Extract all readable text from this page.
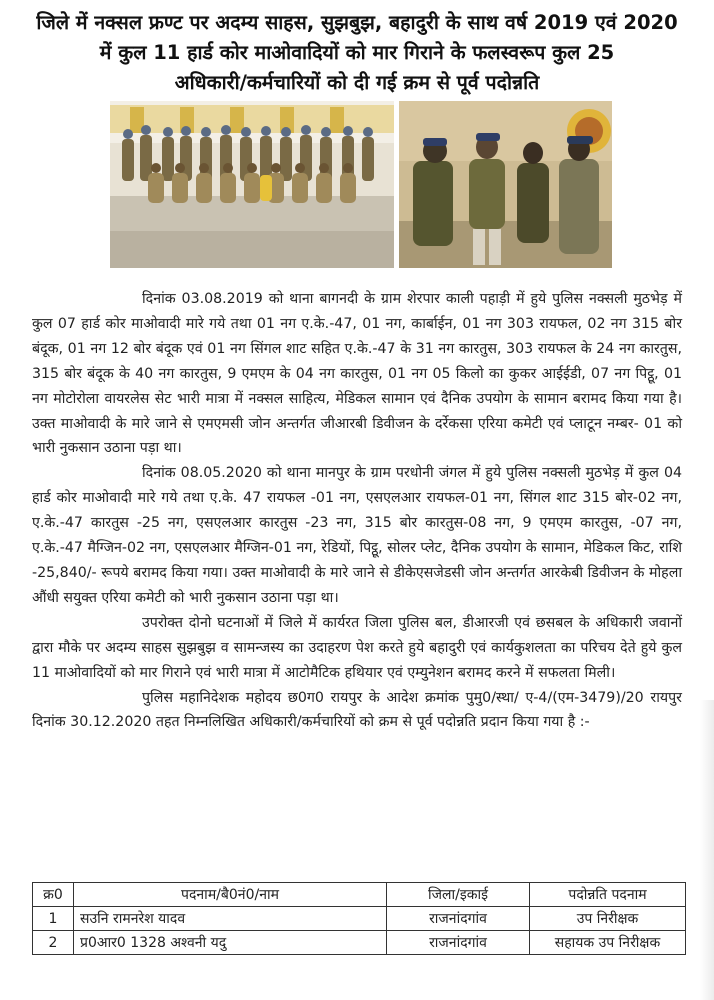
जिले में नक्सल फ्रण्ट पर अदम्य साहस, सुझबुझ, बहादुरी के साथ वर्ष 2019 एवं 2020
में कुल 11 हार्ड कोर माओवादियों को मार गिराने के फलस्वरूप कुल 25
अधिकारी/कर्मचारियों को दी गई क्रम से पूर्व पदोन्नति

दिनांक 03.08.2019 को थाना बागनदी के ग्राम शेरपार काली पहाड़ी में हुये पुलिस नक्सली मुठभेड़ में कुल 07 हार्ड कोर माओवादी मारे गये तथा 01 नग ए.के.-47, 01 नग, कार्बाईन, 01 नग 303 रायफल, 02 नग 315 बोर बंदूक, 01 नग 12 बोर बंदूक एवं 01 नग सिंगल शाट सहित ए.के.-47 के 31 नग कारतुस, 303 रायफल के 24 नग कारतुस, 315 बोर बंदूक के 40 नग कारतुस, 9 एमएम के 04 नग कारतुस, 01 नग 05 किलो का कुकर आईईडी, 07 नग पिट्ठू, 01 नग मोटोरोला वायरलेस सेट भारी मात्रा में नक्सल साहित्य, मेडिकल सामान एवं दैनिक उपयोग के सामान बरामद किया गया है। उक्त माओवादी के मारे जाने से एमएमसी जोन अन्तर्गत जीआरबी डिवीजन के दर्रेकसा एरिया कमेटी एवं प्लाटून नम्बर- 01 को भारी नुकसान उठाना पड़ा था।

दिनांक 08.05.2020 को थाना मानपुर के ग्राम परधोनी जंगल में हुये पुलिस नक्सली मुठभेड़ में कुल 04 हार्ड कोर माओवादी मारे गये तथा ए.के. 47 रायफल -01 नग, एसएलआर रायफल-01 नग, सिंगल शाट 315 बोर-02 नग, ए.के.-47 कारतुस -25 नग, एसएलआर कारतुस -23 नग, 315 बोर कारतुस-08 नग, 9 एमएम कारतुस, -07 नग, ए.के.-47 मैग्जिन-02 नग, एसएलआर मैग्जिन-01 नग, रेडियों, पिट्ठू, सोलर प्लेट, दैनिक उपयोग के सामान, मेडिकल किट, राशि -25,840/- रूपये बरामद किया गया। उक्त माओवादी के मारे जाने से डीकेएसजेडसी जोन अन्तर्गत आरकेबी डिवीजन के मोहला औंधी सयुक्त एरिया कमेटी को भारी नुकसान उठाना पड़ा था।

उपरोक्त दोनो घटनाओं में जिले में कार्यरत जिला पुलिस बल, डीआरजी एवं छसबल के अधिकारी जवानों द्वारा मौके पर अदम्य साहस सुझबुझ व सामन्जस्य का उदाहरण पेश करते हुये बहादुरी एवं कार्यकुशलता का परिचय देते हुये कुल 11 माओवादियों को मार गिराने एवं भारी मात्रा में आटोमैटिक हथियार एवं एम्युनेशन बरामद करने में सफलता मिली।

पुलिस महानिदेशक महोदय छ0ग0 रायपुर के आदेश क्रमांक पुमु0/स्था/ ए-4/(एम-3479)/20 रायपुर दिनांक 30.12.2020 तहत निम्नलिखित अधिकारी/कर्मचारियों को क्रम से पूर्व पदोन्नति प्रदान किया गया है :-

क्र0	पदनाम/बै0नं0/नाम	जिला/इकाई	पदोन्नति पदनाम
1	सउनि रामनरेश यादव	राजनांदगांव	उप निरीक्षक
2	प्र0आर0 1328 अश्वनी यदु	राजनांदगांव	सहायक उप निरीक्षक
